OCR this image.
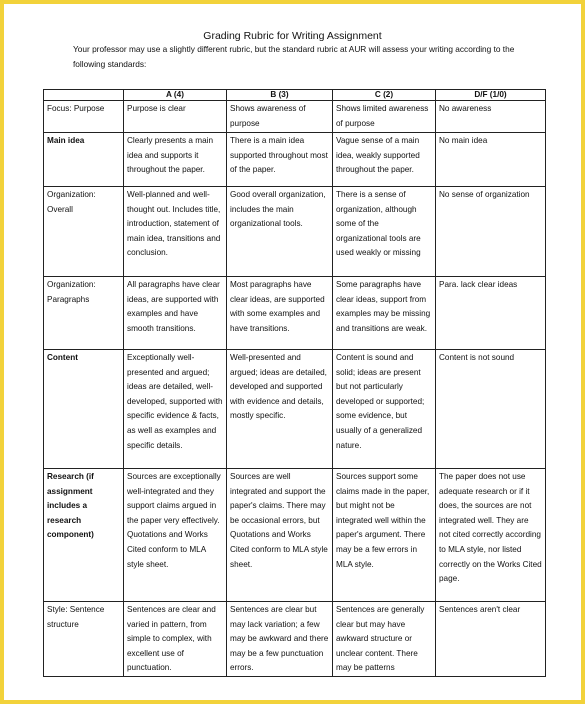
Grading Rubric for Writing Assignment
Your professor may use a slightly different rubric, but the standard rubric at AUR will assess your writing according to the following standards:
	A (4)	B (3)	C (2)	D/F (1/0)
Focus: Purpose	Purpose is clear	Shows awareness of purpose	Shows limited awareness of purpose	No awareness
Main idea	Clearly presents a main idea and supports it throughout the paper.	There is a main idea supported throughout most of the paper.	Vague sense of a main idea, weakly supported throughout the paper.	No main idea
Organization: Overall	Well-planned and well-thought out. Includes title, introduction, statement of main idea, transitions and conclusion.	Good overall organization, includes the main organizational tools.	There is a sense of organization, although some of the organizational tools are used weakly or missing	No sense of organization
Organization: Paragraphs	All paragraphs have clear ideas, are supported with examples and have smooth transitions.	Most paragraphs have clear ideas, are supported with some examples and have transitions.	Some paragraphs have clear ideas, support from examples may be missing and transitions are weak.	Para. lack clear ideas
Content	Exceptionally well-presented and argued; ideas are detailed, well-developed, supported with specific evidence & facts, as well as examples and specific details.	Well-presented and argued; ideas are detailed, developed and supported with evidence and details, mostly specific.	Content is sound and solid; ideas are present but not particularly developed or supported; some evidence, but usually of a generalized nature.	Content is not sound
Research (if assignment includes a research component)	Sources are exceptionally well-integrated and they support claims argued in the paper very effectively. Quotations and Works Cited conform to MLA style sheet.	Sources are well integrated and support the paper's claims. There may be occasional errors, but Quotations and Works Cited conform to MLA style sheet.	Sources support some claims made in the paper, but might not be integrated well within the paper's argument. There may be a few errors in MLA style.	The paper does not use adequate research or if it does, the sources are not integrated well. They are not cited correctly according to MLA style, nor listed correctly on the Works Cited page.
Style: Sentence structure	Sentences are clear and varied in pattern, from simple to complex, with excellent use of punctuation.	Sentences are clear but may lack variation; a few may be awkward and there may be a few punctuation errors.	Sentences are generally clear but may have awkward structure or unclear content. There may be patterns	Sentences aren't clear
